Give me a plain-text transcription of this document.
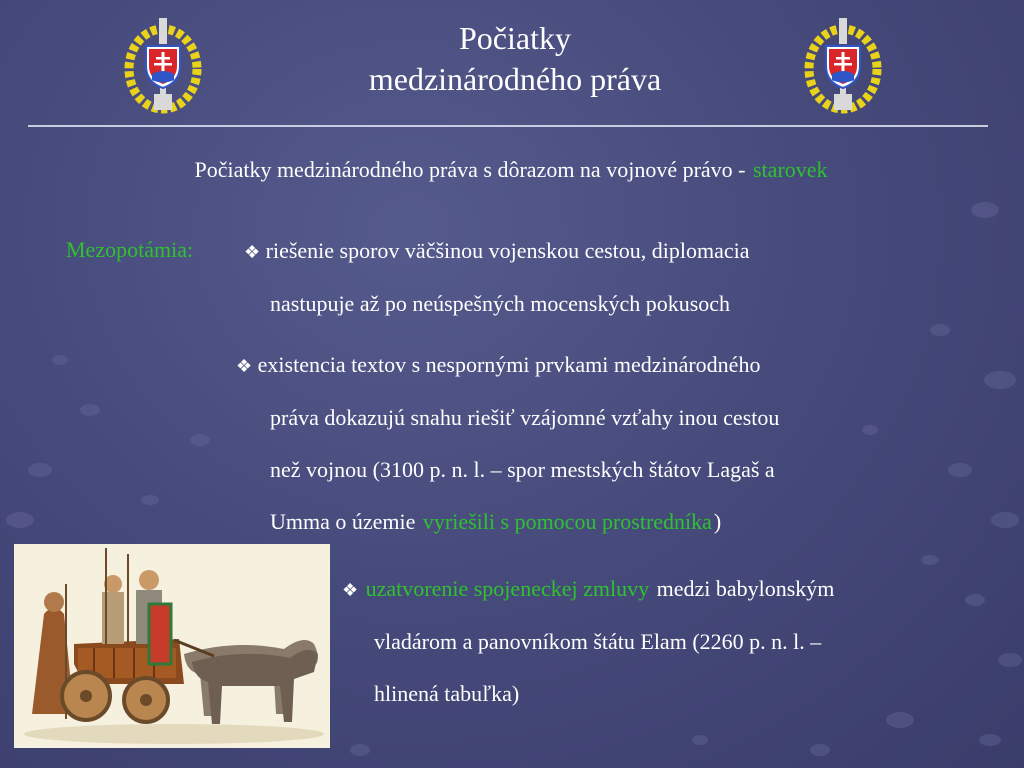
Počiatky
medzinárodného práva
Počiatky medzinárodného práva s dôrazom na vojnové právo - starovek
Mezopotámia:	❖ riešenie sporov väčšinou vojenskou cestou, diplomacia
nastupuje až po neúspešných mocenských pokusoch
❖ existencia textov s nespornými prvkami medzinárodného
práva dokazujú snahu riešiť vzájomné vzťahy inou cestou
než vojnou (3100 p. n. l. – spor mestských štátov Lagaš a
Umma o územie vyriešili s pomocou prostredníka)
❖ uzatvorenie spojeneckej zmluvy medzi babylonským
vladárom a panovníkom štátu Elam (2260 p. n. l. –
hlinená tabuľka)
